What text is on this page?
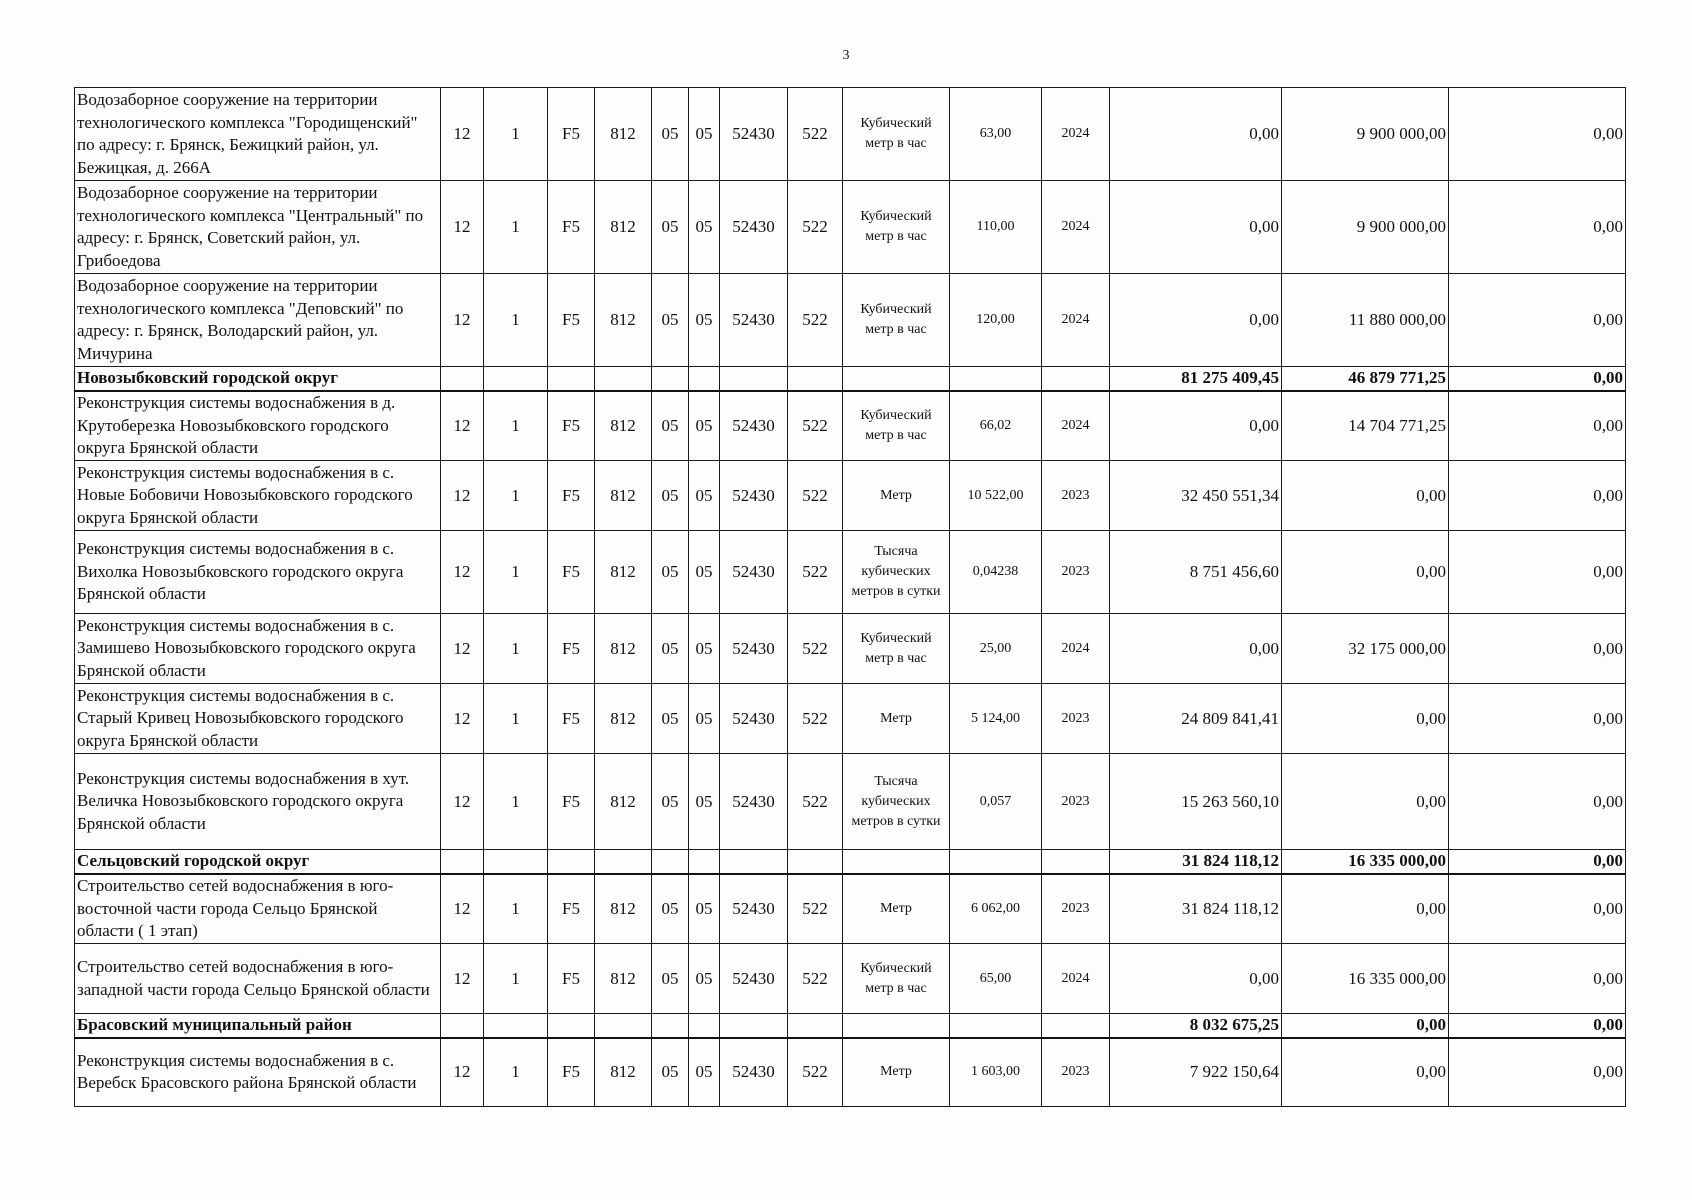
3
Водозаборное сооружение на территории технологического комплекса "Городищенский" по адресу: г. Брянск, Бежицкий район, ул. Бежицкая, д. 266А	12	1	F5	812	05	05	52430	522	Кубический метр в час	63,00	2024	0,00	9 900 000,00	0,00
Водозаборное сооружение на территории технологического комплекса "Центральный" по адресу: г. Брянск, Советский район, ул. Грибоедова	12	1	F5	812	05	05	52430	522	Кубический метр в час	110,00	2024	0,00	9 900 000,00	0,00
Водозаборное сооружение на территории технологического комплекса "Деповский" по адресу: г. Брянск, Володарский район, ул. Мичурина	12	1	F5	812	05	05	52430	522	Кубический метр в час	120,00	2024	0,00	11 880 000,00	0,00
Новозыбковский городской округ												81 275 409,45	46 879 771,25	0,00
Реконструкция системы водоснабжения в д. Крутоберезка Новозыбковского городского округа Брянской области	12	1	F5	812	05	05	52430	522	Кубический метр в час	66,02	2024	0,00	14 704 771,25	0,00
Реконструкция системы водоснабжения в с. Новые Бобовичи Новозыбковского городского округа Брянской области	12	1	F5	812	05	05	52430	522	Метр	10 522,00	2023	32 450 551,34	0,00	0,00
Реконструкция системы водоснабжения в с. Вихолка Новозыбковского городского округа Брянской области	12	1	F5	812	05	05	52430	522	Тысяча кубических метров в сутки	0,04238	2023	8 751 456,60	0,00	0,00
Реконструкция системы водоснабжения в с. Замишево Новозыбковского городского округа Брянской области	12	1	F5	812	05	05	52430	522	Кубический метр в час	25,00	2024	0,00	32 175 000,00	0,00
Реконструкция системы водоснабжения в с. Старый Кривец Новозыбковского городского округа Брянской области	12	1	F5	812	05	05	52430	522	Метр	5 124,00	2023	24 809 841,41	0,00	0,00
Реконструкция системы водоснабжения в хут. Величка Новозыбковского городского округа Брянской области	12	1	F5	812	05	05	52430	522	Тысяча кубических метров в сутки	0,057	2023	15 263 560,10	0,00	0,00
Сельцовский городской округ												31 824 118,12	16 335 000,00	0,00
Строительство сетей водоснабжения в юго-восточной части города Сельцо Брянской области ( 1 этап)	12	1	F5	812	05	05	52430	522	Метр	6 062,00	2023	31 824 118,12	0,00	0,00
Строительство сетей водоснабжения в юго-западной части города Сельцо Брянской области	12	1	F5	812	05	05	52430	522	Кубический метр в час	65,00	2024	0,00	16 335 000,00	0,00
Брасовский муниципальный район												8 032 675,25	0,00	0,00
Реконструкция системы водоснабжения в с. Веребск Брасовского района Брянской области	12	1	F5	812	05	05	52430	522	Метр	1 603,00	2023	7 922 150,64	0,00	0,00
